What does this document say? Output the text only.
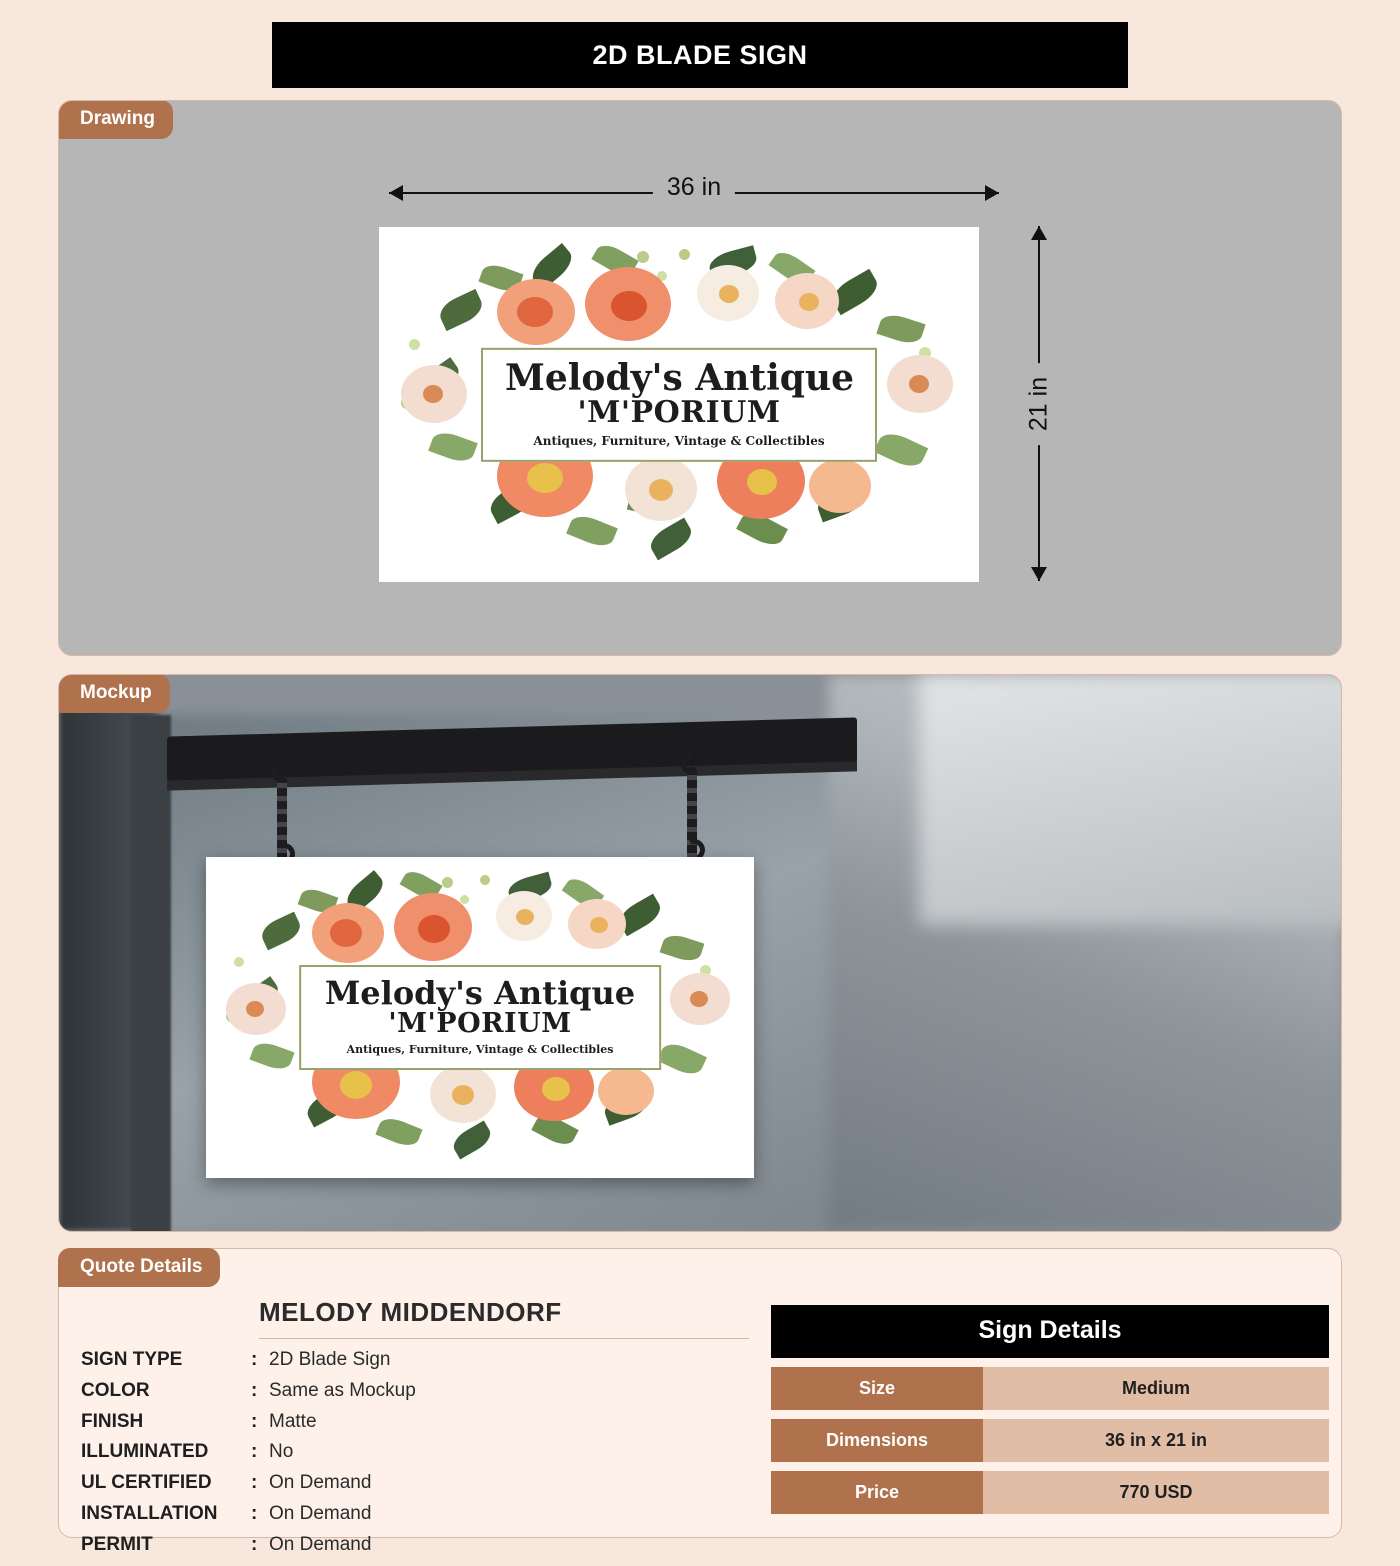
2D BLADE SIGN
Drawing
36 in
21 in
Melody's Antique
'M'PORIUM
Antiques, Furniture, Vintage & Collectibles
Mockup
Melody's Antique
'M'PORIUM
Antiques, Furniture, Vintage & Collectibles
Quote Details
MELODY MIDDENDORF
SIGN TYPE	: 2D Blade Sign
COLOR	: Same as Mockup
FINISH	: Matte
ILLUMINATED	: No
UL CERTIFIED	: On Demand
INSTALLATION	: On Demand
PERMIT	: On Demand
Sign Details
Size	Medium
Dimensions	36 in x 21 in
Price	770 USD
